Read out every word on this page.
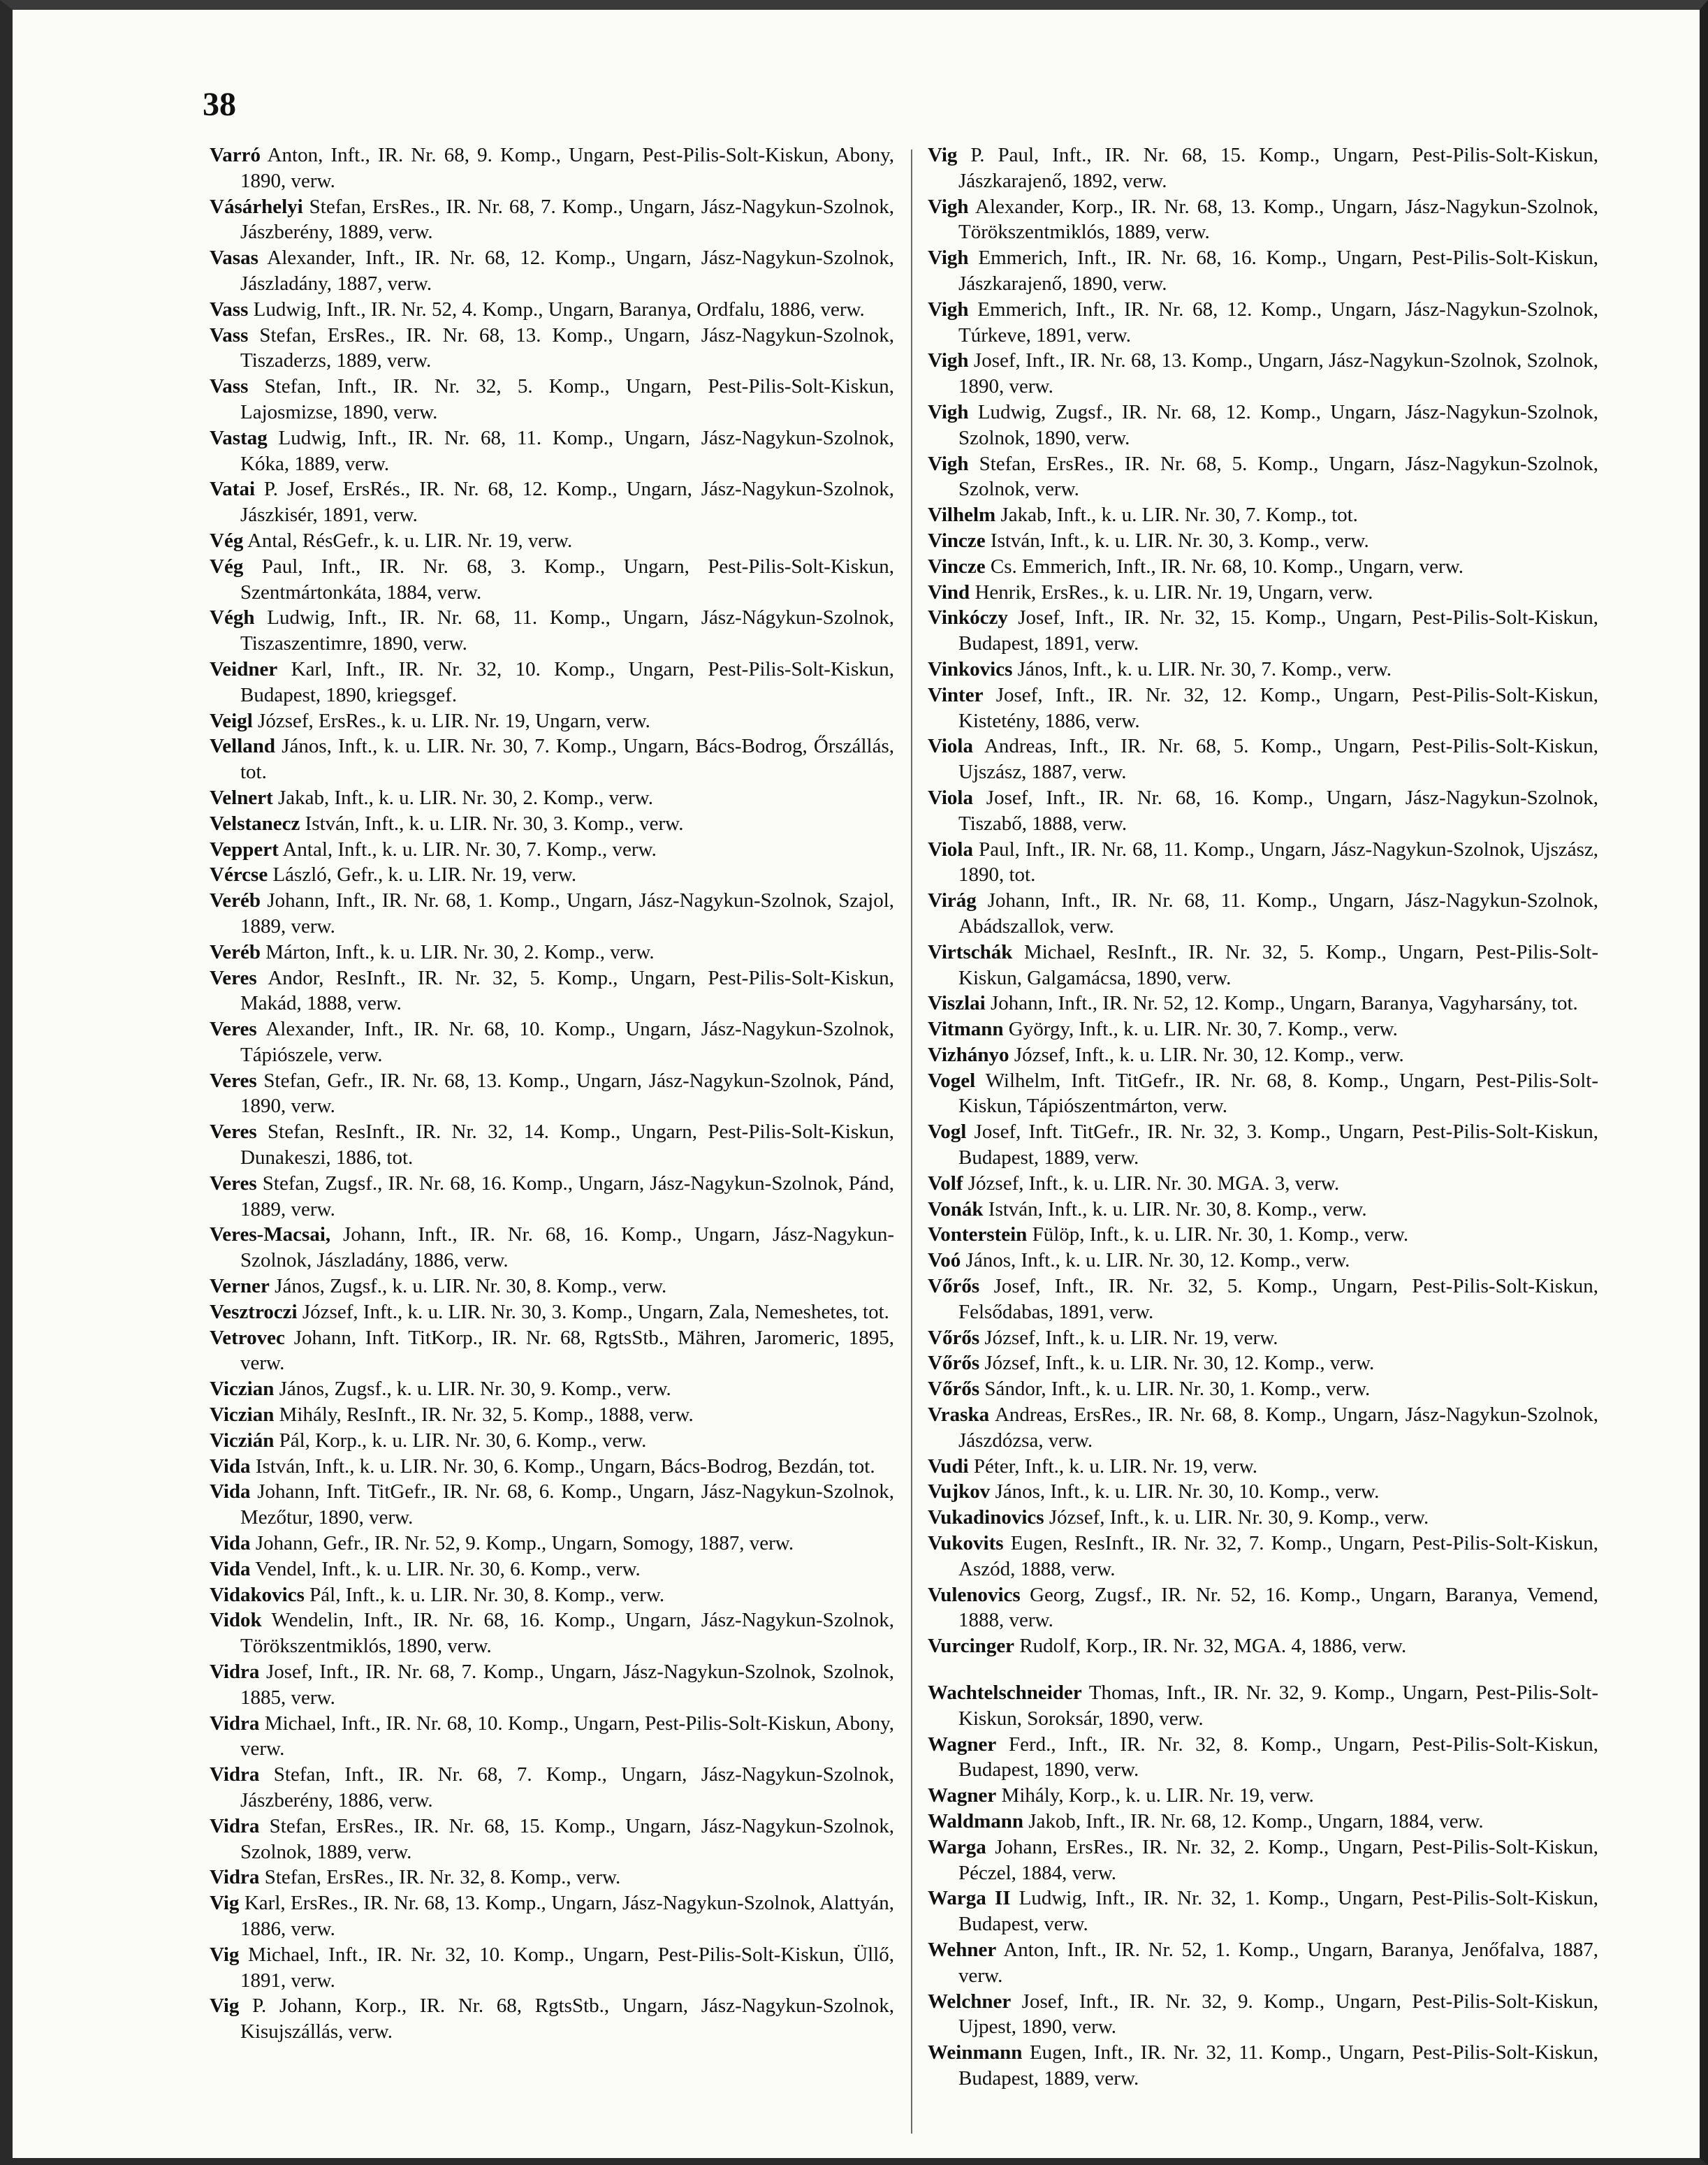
38

Varró Anton, Inft., IR. Nr. 68, 9. Komp., Ungarn, Pest-Pilis-Solt-Kiskun, Abony, 1890, verw.

Vásárhelyi Stefan, ErsRes., IR. Nr. 68, 7. Komp., Ungarn, Jász-Nagykun-Szolnok, Jászberény, 1889, verw.

Vasas Alexander, Inft., IR. Nr. 68, 12. Komp., Ungarn, Jász-Nagykun-Szolnok, Jászladány, 1887, verw.

Vass Ludwig, Inft., IR. Nr. 52, 4. Komp., Ungarn, Baranya, Ordfalu, 1886, verw.

Vass Stefan, ErsRes., IR. Nr. 68, 13. Komp., Ungarn, Jász-Nagykun-Szolnok, Tiszaderzs, 1889, verw.

Vass Stefan, Inft., IR. Nr. 32, 5. Komp., Ungarn, Pest-Pilis-Solt-Kiskun, Lajosmizse, 1890, verw.

Vastag Ludwig, Inft., IR. Nr. 68, 11. Komp., Ungarn, Jász-Nagykun-Szolnok, Kóka, 1889, verw.

Vatai P. Josef, ErsRés., IR. Nr. 68, 12. Komp., Ungarn, Jász-Nagykun-Szolnok, Jászkisér, 1891, verw.

Vég Antal, RésGefr., k. u. LIR. Nr. 19, verw.

Vég Paul, Inft., IR. Nr. 68, 3. Komp., Ungarn, Pest-Pilis-Solt-Kiskun, Szentmártonkáta, 1884, verw.

Végh Ludwig, Inft., IR. Nr. 68, 11. Komp., Ungarn, Jász-Nágykun-Szolnok, Tiszaszentimre, 1890, verw.

Veidner Karl, Inft., IR. Nr. 32, 10. Komp., Ungarn, Pest-Pilis-Solt-Kiskun, Budapest, 1890, kriegsgef.

Veigl József, ErsRes., k. u. LIR. Nr. 19, Ungarn, verw.

Velland János, Inft., k. u. LIR. Nr. 30, 7. Komp., Ungarn, Bács-Bodrog, Őrszállás, tot.

Velnert Jakab, Inft., k. u. LIR. Nr. 30, 2. Komp., verw.

Velstanecz István, Inft., k. u. LIR. Nr. 30, 3. Komp., verw.

Veppert Antal, Inft., k. u. LIR. Nr. 30, 7. Komp., verw.

Vércse László, Gefr., k. u. LIR. Nr. 19, verw.

Veréb Johann, Inft., IR. Nr. 68, 1. Komp., Ungarn, Jász-Nagykun-Szolnok, Szajol, 1889, verw.

Veréb Márton, Inft., k. u. LIR. Nr. 30, 2. Komp., verw.

Veres Andor, ResInft., IR. Nr. 32, 5. Komp., Ungarn, Pest-Pilis-Solt-Kiskun, Makád, 1888, verw.

Veres Alexander, Inft., IR. Nr. 68, 10. Komp., Ungarn, Jász-Nagykun-Szolnok, Tápiószele, verw.

Veres Stefan, Gefr., IR. Nr. 68, 13. Komp., Ungarn, Jász-Nagykun-Szolnok, Pánd, 1890, verw.

Veres Stefan, ResInft., IR. Nr. 32, 14. Komp., Ungarn, Pest-Pilis-Solt-Kiskun, Dunakeszi, 1886, tot.

Veres Stefan, Zugsf., IR. Nr. 68, 16. Komp., Ungarn, Jász-Nagykun-Szolnok, Pánd, 1889, verw.

Veres-Macsai, Johann, Inft., IR. Nr. 68, 16. Komp., Ungarn, Jász-Nagykun-Szolnok, Jászladány, 1886, verw.

Verner János, Zugsf., k. u. LIR. Nr. 30, 8. Komp., verw.

Vesztroczi József, Inft., k. u. LIR. Nr. 30, 3. Komp., Ungarn, Zala, Nemeshetes, tot.

Vetrovec Johann, Inft. TitKorp., IR. Nr. 68, RgtsStb., Mähren, Jaromeric, 1895, verw.

Viczian János, Zugsf., k. u. LIR. Nr. 30, 9. Komp., verw.

Viczian Mihály, ResInft., IR. Nr. 32, 5. Komp., 1888, verw.

Viczián Pál, Korp., k. u. LIR. Nr. 30, 6. Komp., verw.

Vida István, Inft., k. u. LIR. Nr. 30, 6. Komp., Ungarn, Bács-Bodrog, Bezdán, tot.

Vida Johann, Inft. TitGefr., IR. Nr. 68, 6. Komp., Ungarn, Jász-Nagykun-Szolnok, Mezőtur, 1890, verw.

Vida Johann, Gefr., IR. Nr. 52, 9. Komp., Ungarn, Somogy, 1887, verw.

Vida Vendel, Inft., k. u. LIR. Nr. 30, 6. Komp., verw.

Vidakovics Pál, Inft., k. u. LIR. Nr. 30, 8. Komp., verw.

Vidok Wendelin, Inft., IR. Nr. 68, 16. Komp., Ungarn, Jász-Nagykun-Szolnok, Törökszentmiklós, 1890, verw.

Vidra Josef, Inft., IR. Nr. 68, 7. Komp., Ungarn, Jász-Nagykun-Szolnok, Szolnok, 1885, verw.

Vidra Michael, Inft., IR. Nr. 68, 10. Komp., Ungarn, Pest-Pilis-Solt-Kiskun, Abony, verw.

Vidra Stefan, Inft., IR. Nr. 68, 7. Komp., Ungarn, Jász-Nagykun-Szolnok, Jászberény, 1886, verw.

Vidra Stefan, ErsRes., IR. Nr. 68, 15. Komp., Ungarn, Jász-Nagykun-Szolnok, Szolnok, 1889, verw.

Vidra Stefan, ErsRes., IR. Nr. 32, 8. Komp., verw.

Vig Karl, ErsRes., IR. Nr. 68, 13. Komp., Ungarn, Jász-Nagykun-Szolnok, Alattyán, 1886, verw.

Vig Michael, Inft., IR. Nr. 32, 10. Komp., Ungarn, Pest-Pilis-Solt-Kiskun, Üllő, 1891, verw.

Vig P. Johann, Korp., IR. Nr. 68, RgtsStb., Ungarn, Jász-Nagykun-Szolnok, Kisujszállás, verw.

Vig P. Paul, Inft., IR. Nr. 68, 15. Komp., Ungarn, Pest-Pilis-Solt-Kiskun, Jászkarajenő, 1892, verw.

Vigh Alexander, Korp., IR. Nr. 68, 13. Komp., Ungarn, Jász-Nagykun-Szolnok, Törökszentmiklós, 1889, verw.

Vigh Emmerich, Inft., IR. Nr. 68, 16. Komp., Ungarn, Pest-Pilis-Solt-Kiskun, Jászkarajenő, 1890, verw.

Vigh Emmerich, Inft., IR. Nr. 68, 12. Komp., Ungarn, Jász-Nagykun-Szolnok, Túrkeve, 1891, verw.

Vigh Josef, Inft., IR. Nr. 68, 13. Komp., Ungarn, Jász-Nagykun-Szolnok, Szolnok, 1890, verw.

Vigh Ludwig, Zugsf., IR. Nr. 68, 12. Komp., Ungarn, Jász-Nagykun-Szolnok, Szolnok, 1890, verw.

Vigh Stefan, ErsRes., IR. Nr. 68, 5. Komp., Ungarn, Jász-Nagykun-Szolnok, Szolnok, verw.

Vilhelm Jakab, Inft., k. u. LIR. Nr. 30, 7. Komp., tot.

Vincze István, Inft., k. u. LIR. Nr. 30, 3. Komp., verw.

Vincze Cs. Emmerich, Inft., IR. Nr. 68, 10. Komp., Ungarn, verw.

Vind Henrik, ErsRes., k. u. LIR. Nr. 19, Ungarn, verw.

Vinkóczy Josef, Inft., IR. Nr. 32, 15. Komp., Ungarn, Pest-Pilis-Solt-Kiskun, Budapest, 1891, verw.

Vinkovics János, Inft., k. u. LIR. Nr. 30, 7. Komp., verw.

Vinter Josef, Inft., IR. Nr. 32, 12. Komp., Ungarn, Pest-Pilis-Solt-Kiskun, Kistetény, 1886, verw.

Viola Andreas, Inft., IR. Nr. 68, 5. Komp., Ungarn, Pest-Pilis-Solt-Kiskun, Ujszász, 1887, verw.

Viola Josef, Inft., IR. Nr. 68, 16. Komp., Ungarn, Jász-Nagykun-Szolnok, Tiszabő, 1888, verw.

Viola Paul, Inft., IR. Nr. 68, 11. Komp., Ungarn, Jász-Nagykun-Szolnok, Ujszász, 1890, tot.

Virág Johann, Inft., IR. Nr. 68, 11. Komp., Ungarn, Jász-Nagykun-Szolnok, Abádszallok, verw.

Virtschák Michael, ResInft., IR. Nr. 32, 5. Komp., Ungarn, Pest-Pilis-Solt-Kiskun, Galgamácsa, 1890, verw.

Viszlai Johann, Inft., IR. Nr. 52, 12. Komp., Ungarn, Baranya, Vagyharsány, tot.

Vitmann György, Inft., k. u. LIR. Nr. 30, 7. Komp., verw.

Vizhányo József, Inft., k. u. LIR. Nr. 30, 12. Komp., verw.

Vogel Wilhelm, Inft. TitGefr., IR. Nr. 68, 8. Komp., Ungarn, Pest-Pilis-Solt-Kiskun, Tápiószentmárton, verw.

Vogl Josef, Inft. TitGefr., IR. Nr. 32, 3. Komp., Ungarn, Pest-Pilis-Solt-Kiskun, Budapest, 1889, verw.

Volf József, Inft., k. u. LIR. Nr. 30. MGA. 3, verw.

Vonák István, Inft., k. u. LIR. Nr. 30, 8. Komp., verw.

Vonterstein Fülöp, Inft., k. u. LIR. Nr. 30, 1. Komp., verw.

Voó János, Inft., k. u. LIR. Nr. 30, 12. Komp., verw.

Vőrős Josef, Inft., IR. Nr. 32, 5. Komp., Ungarn, Pest-Pilis-Solt-Kiskun, Felsődabas, 1891, verw.

Vőrős József, Inft., k. u. LIR. Nr. 19, verw.

Vőrős József, Inft., k. u. LIR. Nr. 30, 12. Komp., verw.

Vőrős Sándor, Inft., k. u. LIR. Nr. 30, 1. Komp., verw.

Vraska Andreas, ErsRes., IR. Nr. 68, 8. Komp., Ungarn, Jász-Nagykun-Szolnok, Jászdózsa, verw.

Vudi Péter, Inft., k. u. LIR. Nr. 19, verw.

Vujkov János, Inft., k. u. LIR. Nr. 30, 10. Komp., verw.

Vukadinovics József, Inft., k. u. LIR. Nr. 30, 9. Komp., verw.

Vukovits Eugen, ResInft., IR. Nr. 32, 7. Komp., Ungarn, Pest-Pilis-Solt-Kiskun, Aszód, 1888, verw.

Vulenovics Georg, Zugsf., IR. Nr. 52, 16. Komp., Ungarn, Baranya, Vemend, 1888, verw.

Vurcinger Rudolf, Korp., IR. Nr. 32, MGA. 4, 1886, verw.

Wachtelschneider Thomas, Inft., IR. Nr. 32, 9. Komp., Ungarn, Pest-Pilis-Solt-Kiskun, Soroksár, 1890, verw.

Wagner Ferd., Inft., IR. Nr. 32, 8. Komp., Ungarn, Pest-Pilis-Solt-Kiskun, Budapest, 1890, verw.

Wagner Mihály, Korp., k. u. LIR. Nr. 19, verw.

Waldmann Jakob, Inft., IR. Nr. 68, 12. Komp., Ungarn, 1884, verw.

Warga Johann, ErsRes., IR. Nr. 32, 2. Komp., Ungarn, Pest-Pilis-Solt-Kiskun, Péczel, 1884, verw.

Warga II Ludwig, Inft., IR. Nr. 32, 1. Komp., Ungarn, Pest-Pilis-Solt-Kiskun, Budapest, verw.

Wehner Anton, Inft., IR. Nr. 52, 1. Komp., Ungarn, Baranya, Jenőfalva, 1887, verw.

Welchner Josef, Inft., IR. Nr. 32, 9. Komp., Ungarn, Pest-Pilis-Solt-Kiskun, Ujpest, 1890, verw.

Weinmann Eugen, Inft., IR. Nr. 32, 11. Komp., Ungarn, Pest-Pilis-Solt-Kiskun, Budapest, 1889, verw.
